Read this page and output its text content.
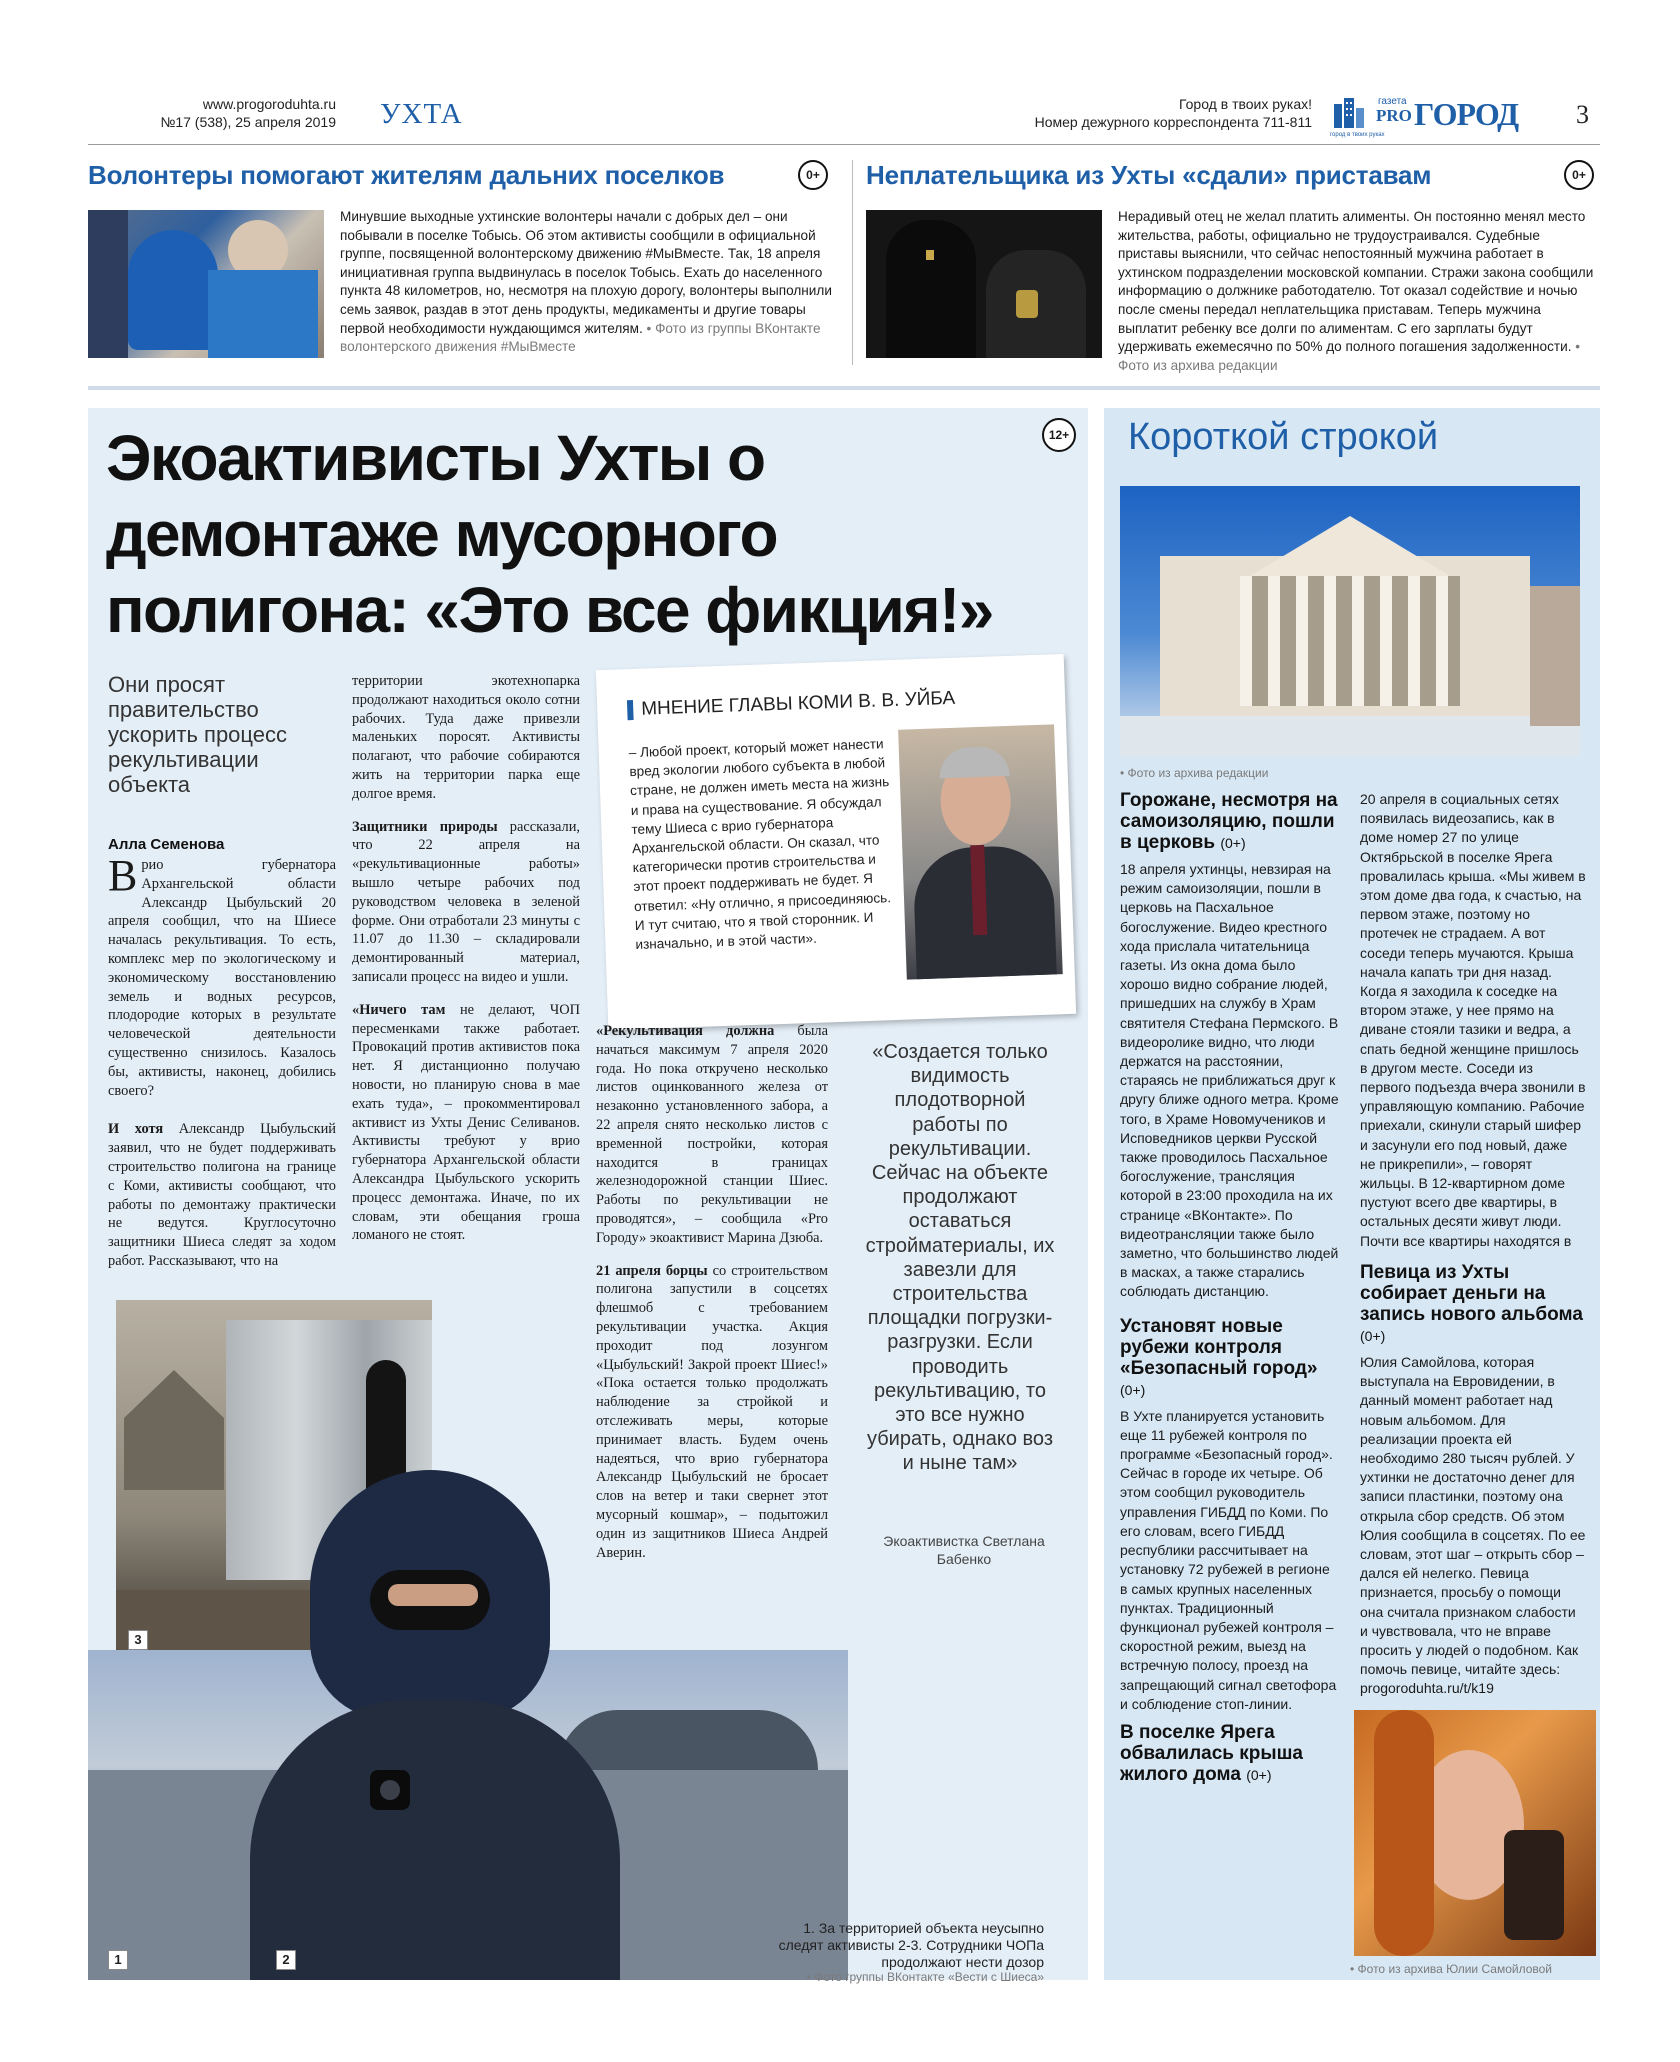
www.progoroduhta.ru
№17 (538), 25 апреля 2019 УХТА	Город в твоих руках!
Номер дежурного корреспондента 711-811
газета
PRO ГОРОД
город в твоих руках
3
Волонтеры помогают жителям дальних поселков	0+
Минувшие выходные ухтинские волонтеры начали с добрых дел – они побывали в поселке Тобысь. Об этом активисты сообщили в официальной группе, посвященной волонтерскому движению #МыВместе. Так, 18 апреля инициативная группа выдвинулась в поселок Тобысь. Ехать до населенного пункта 48 километров, но, несмотря на плохую дорогу, волонтеры выполнили семь заявок, раздав в этот день продукты, медикаменты и другие товары первой необходимости нуждающимся жителям. • Фото из группы ВКонтакте волонтерского движения #МыВместе
Неплательщика из Ухты «сдали» приставам	0+
Нерадивый отец не желал платить алименты. Он постоянно менял место жительства, работы, официально не трудоустраивался. Судебные приставы выяснили, что сейчас непостоянный мужчина работает в ухтинском подразделении московской компании. Стражи закона сообщили информацию о должнике работодателю. Тот оказал содействие и ночью после смены передал неплательщика приставам. Теперь мужчина выплатит ребенку все долги по алиментам. С его зарплаты будут удерживать ежемесячно по 50% до полного погашения задолженности. • Фото из архива редакции
Экоактивисты Ухты о демонтаже мусорного полигона: «Это все фикция!»
12+
Они просят правительство ускорить процесс рекультивации объекта
Алла Семенова

Врио губернатора Архангельской области Александр Цыбульский 20 апреля сообщил, что на Шиесе началась рекультивация. То есть, комплекс мер по экологическому и экономическому восстановлению земель и водных ресурсов, плодородие которых в результате человеческой деятельности существенно снизилось. Казалось бы, активисты, наконец, добились своего?

И хотя Александр Цыбульский заявил, что не будет поддерживать строительство полигона на границе с Коми, активисты сообщают, что работы по демонтажу практически не ведутся. Круглосуточно защитники Шиеса следят за ходом работ. Рассказывают, что на

территории экотехнопарка продолжают находиться около сотни рабочих. Туда даже привезли маленьких поросят. Активисты полагают, что рабочие собираются жить на территории парка еще долгое время.

Защитники природы рассказали, что 22 апреля на «рекультивационные работы» вышло четыре рабочих под руководством человека в зеленой форме. Они отработали 23 минуты с 11.07 до 11.30 – складировали демонтированный материал, записали процесс на видео и ушли.

«Ничего там не делают, ЧОП пересменками также работает. Провокаций против активистов пока нет. Я дистанционно получаю новости, но планирую снова в мае ехать туда», – прокомментировал активист из Ухты Денис Селиванов. Активисты требуют у врио губернатора Архангельской области Александра Цыбульского ускорить процесс демонтажа. Иначе, по их словам, эти обещания гроша ломаного не стоят.

МНЕНИЕ ГЛАВЫ КОМИ В. В. УЙБА
– Любой проект, который может нанести вред экологии любого субъекта в любой стране, не должен иметь места на жизнь и права на существование. Я обсуждал тему Шиеса с врио губернатора Архангельской области. Он сказал, что категорически против строительства и этот проект поддерживать не будет. Я ответил: «Ну отлично, я присоединяюсь. И тут считаю, что я твой сторонник. И изначально, и в этой части».

«Рекультивация должна была начаться максимум 7 апреля 2020 года. Но пока откручено несколько листов оцинкованного железа от незаконно установленного забора, а 22 апреля снято несколько листов с временной постройки, которая находится в границах железнодорожной станции Шиес. Работы по рекультивации не проводятся», – сообщила «Pro Городу» экоактивист Марина Дзюба.

21 апреля борцы со строительством полигона запустили в соцсетях флешмоб с требованием рекультивации участка. Акция проходит под лозунгом «Цыбульский! Закрой проект Шиес!» «Пока остается только продолжать наблюдение за стройкой и отслеживать меры, которые принимает власть. Будем очень надеяться, что врио губернатора Александр Цыбульский не бросает слов на ветер и таки свернет этот мусорный кошмар», – подытожил один из защитников Шиеса Андрей Аверин.

«Создается только видимость плодотворной работы по рекультивации. Сейчас на объекте продолжают оставаться стройматериалы, их завезли для строительства площадки погрузки-разгрузки. Если проводить рекультивацию, то это все нужно убирать, однако воз и ныне там»
Экоактивистка Светлана Бабенко
3
1	2
1. За территорией объекта неусыпно следят активисты 2-3. Сотрудники ЧОПа продолжают нести дозор
• Фото группы ВКонтакте «Вести с Шиеса»
Короткой строкой
• Фото из архива редакции
Горожане, несмотря на самоизоляцию, пошли в церковь (0+)
18 апреля ухтинцы, невзирая на режим самоизоляции, пошли в церковь на Пасхальное богослужение. Видео крестного хода прислала читательница газеты. Из окна дома было хорошо видно собрание людей, пришедших на службу в Храм святителя Стефана Пермского. В видеоролике видно, что люди держатся на расстоянии, стараясь не приближаться друг к другу ближе одного метра. Кроме того, в Храме Новомучеников и Исповедников церкви Русской также проводилось Пасхальное богослужение, трансляция которой в 23:00 проходила на их странице «ВКонтакте». По видеотрансляции также было заметно, что большинство людей в масках, а также старались соблюдать дистанцию.
Установят новые рубежи контроля «Безопасный город» (0+)
В Ухте планируется установить еще 11 рубежей контроля по программе «Безопасный город». Сейчас в городе их четыре. Об этом сообщил руководитель управления ГИБДД по Коми. По его словам, всего ГИБДД республики рассчитывает на установку 72 рубежей в регионе в самых крупных населенных пунктах. Традиционный функционал рубежей контроля – скоростной режим, выезд на встречную полосу, проезд на запрещающий сигнал светофора и соблюдение стоп-линии.
В поселке Ярега обвалилась крыша жилого дома (0+)
20 апреля в социальных сетях появилась видеозапись, как в доме номер 27 по улице Октябрьской в поселке Ярега провалилась крыша. «Мы живем в этом доме два года, к счастью, на первом этаже, поэтому но протечек не страдаем. А вот соседи теперь мучаются. Крыша начала капать три дня назад. Когда я заходила к соседке на втором этаже, у нее прямо на диване стояли тазики и ведра, а спать бедной женщине пришлось в другом месте. Соседи из первого подъезда вчера звонили в управляющую компанию. Рабочие приехали, скинули старый шифер и засунули его под новый, даже не прикрепили», – говорят жильцы. В 12-квартирном доме пустуют всего две квартиры, в остальных десяти живут люди. Почти все квартиры находятся в
Певица из Ухты собирает деньги на запись нового альбома (0+)
Юлия Самойлова, которая выступала на Евровидении, в данный момент работает над новым альбомом. Для реализации проекта ей необходимо 280 тысяч рублей. У ухтинки не достаточно денег для записи пластинки, поэтому она открыла сбор средств. Об этом Юлия сообщила в соцсетях. По ее словам, этот шаг – открыть сбор – дался ей нелегко. Певица признается, просьбу о помощи она считала признаком слабости и чувствовала, что не вправе просить у людей о подобном. Как помочь певице, читайте здесь: progoroduhta.ru/t/k19
• Фото из архива Юлии Самойловой
